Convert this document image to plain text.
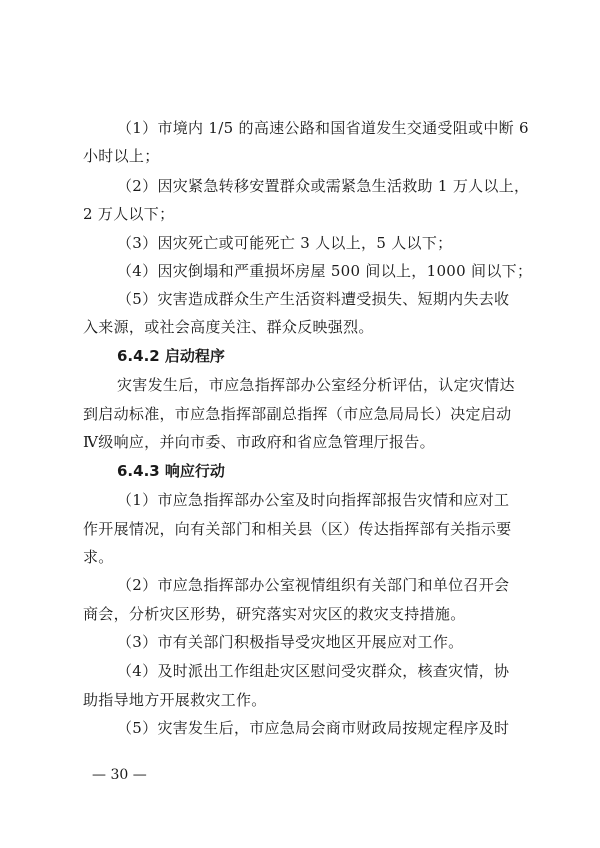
（1）市境内 1/5 的高速公路和国省道发生交通受阻或中断 6
小时以上；
（2）因灾紧急转移安置群众或需紧急生活救助 1 万人以上，
2 万人以下；
（3）因灾死亡或可能死亡 3 人以上，5 人以下；
（4）因灾倒塌和严重损坏房屋 500 间以上，1000 间以下；
（5）灾害造成群众生产生活资料遭受损失、短期内失去收
入来源，或社会高度关注、群众反映强烈。
6.4.2 启动程序
灾害发生后，市应急指挥部办公室经分析评估，认定灾情达
到启动标准，市应急指挥部副总指挥（市应急局局长）决定启动
Ⅳ级响应，并向市委、市政府和省应急管理厅报告。
6.4.3 响应行动
（1）市应急指挥部办公室及时向指挥部报告灾情和应对工
作开展情况，向有关部门和相关县（区）传达指挥部有关指示要
求。
（2）市应急指挥部办公室视情组织有关部门和单位召开会
商会，分析灾区形势，研究落实对灾区的救灾支持措施。
（3）市有关部门积极指导受灾地区开展应对工作。
（4）及时派出工作组赴灾区慰问受灾群众，核查灾情，协
助指导地方开展救灾工作。
（5）灾害发生后，市应急局会商市财政局按规定程序及时
— 30 —
